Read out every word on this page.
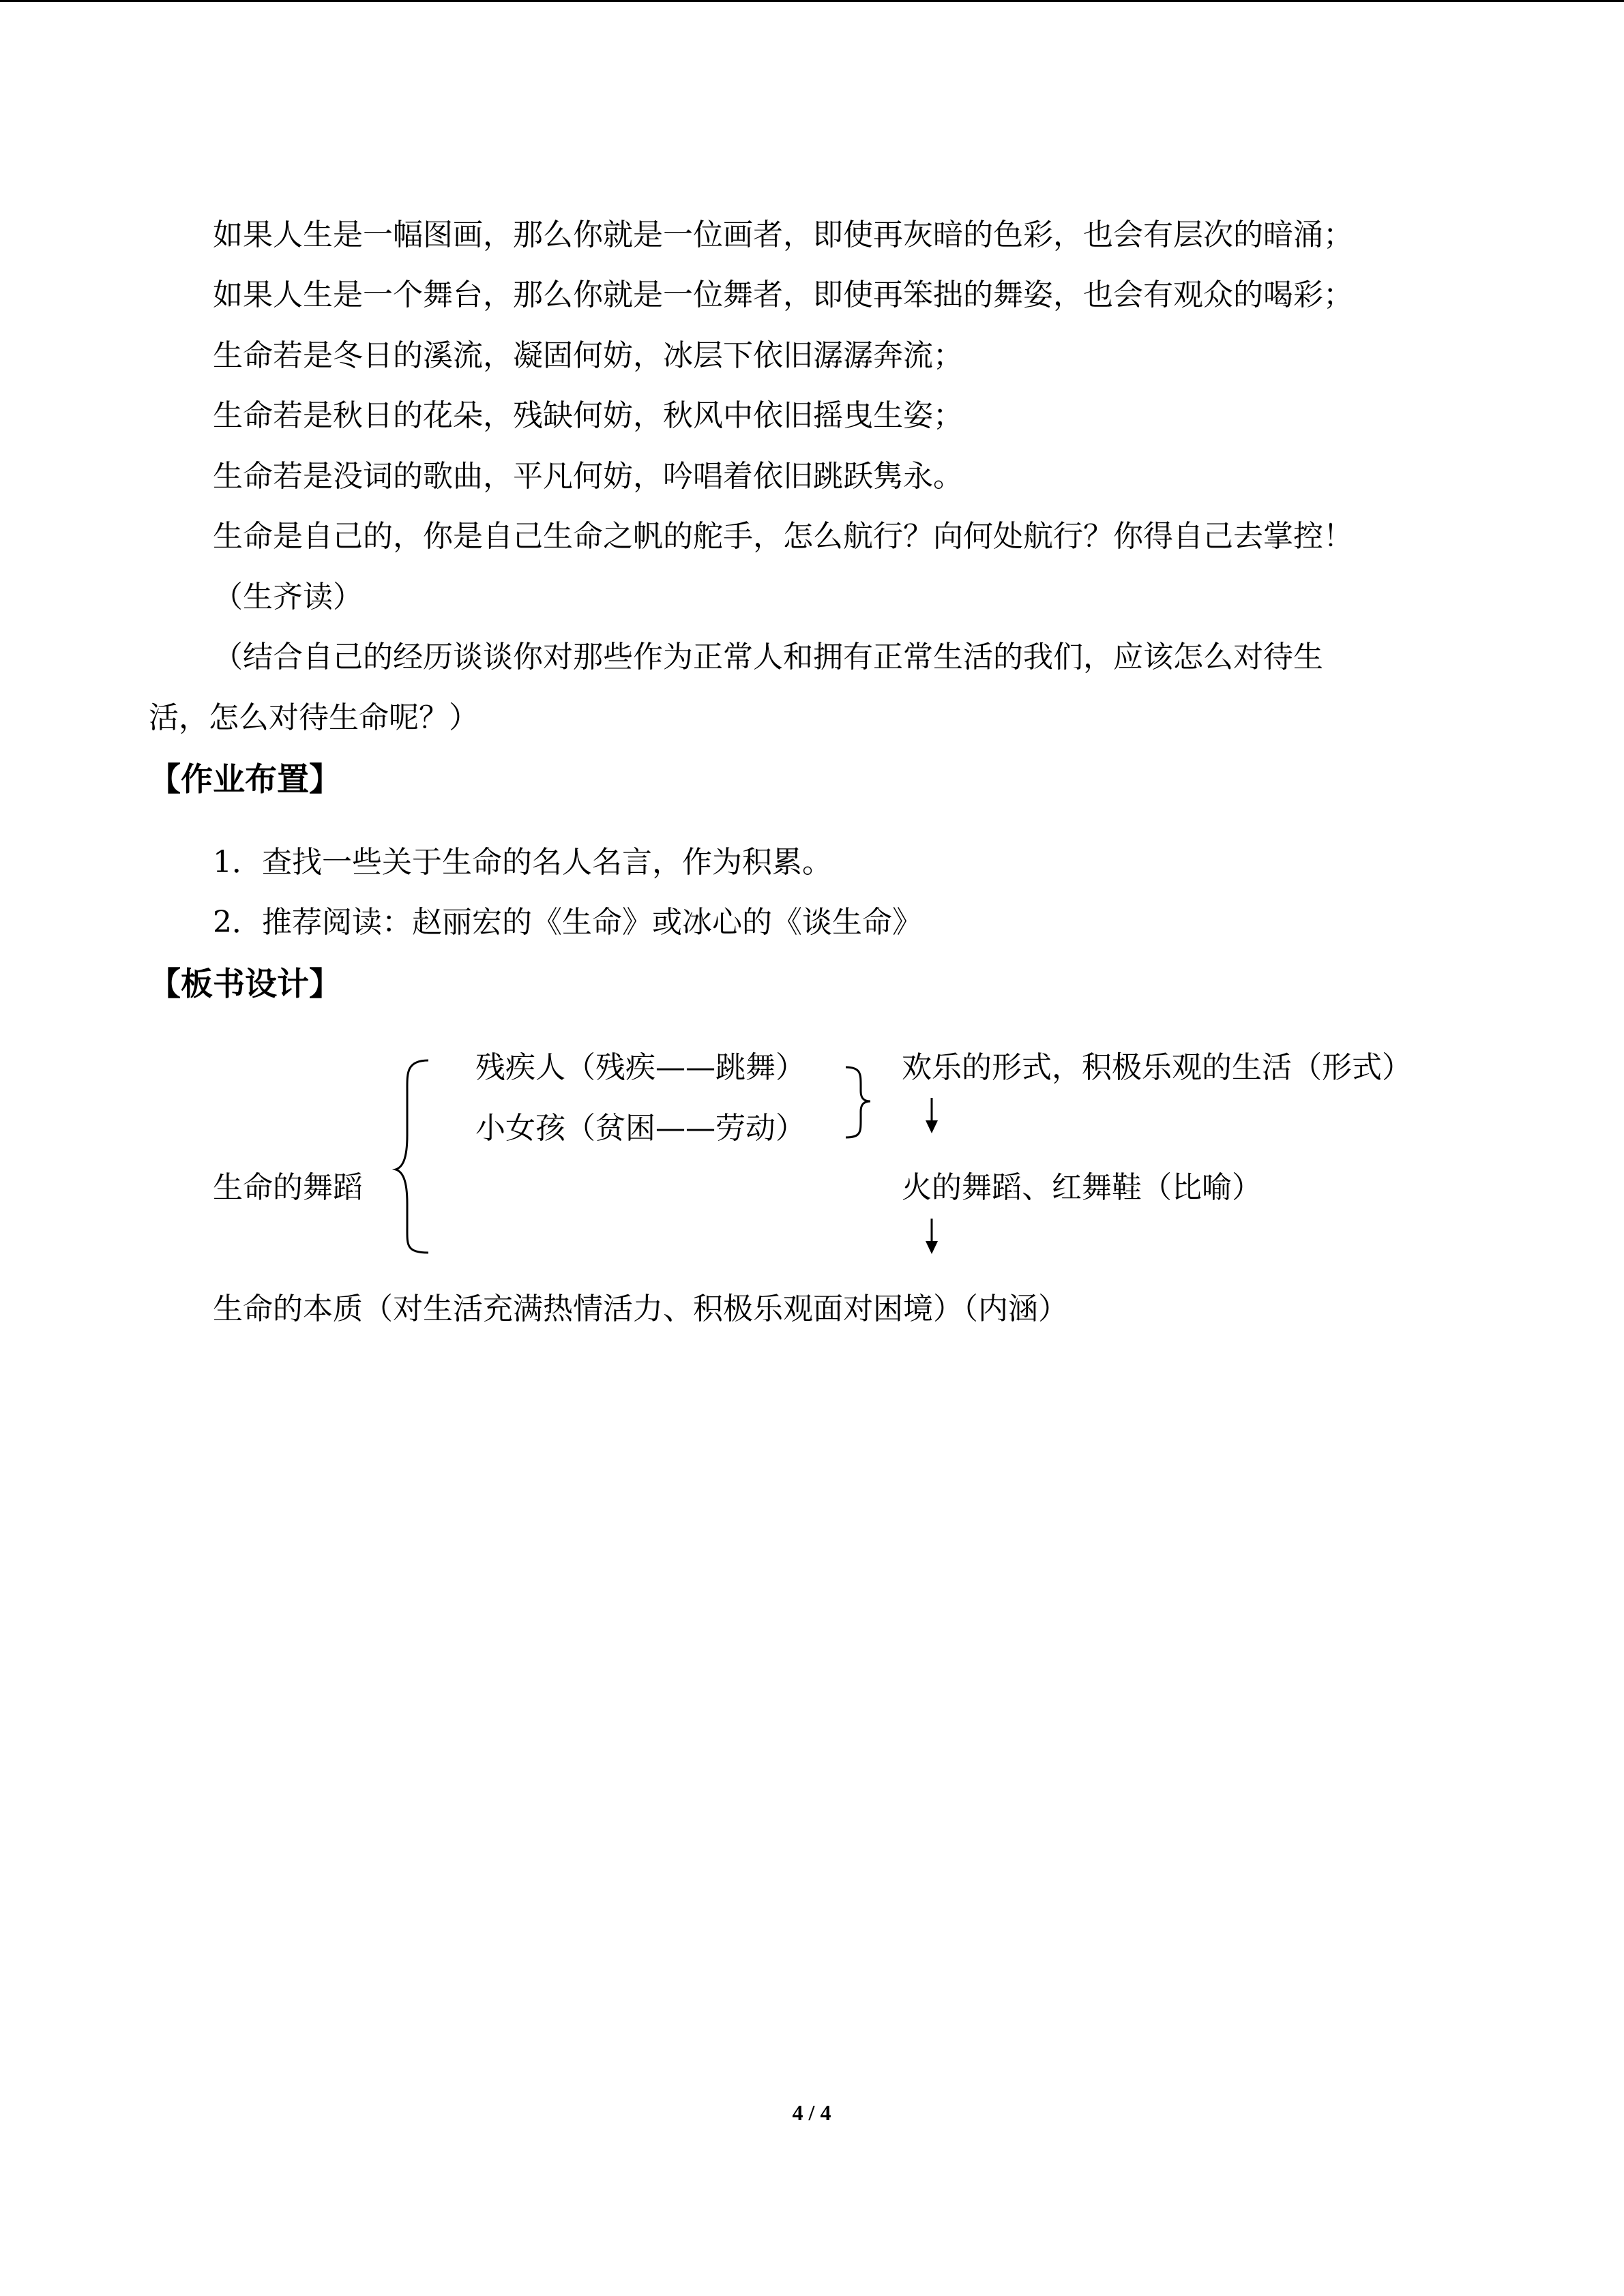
如果人生是一幅图画，那么你就是一位画者，即使再灰暗的色彩，也会有层次的暗涌；
如果人生是一个舞台，那么你就是一位舞者，即使再笨拙的舞姿，也会有观众的喝彩；
生命若是冬日的溪流，凝固何妨，冰层下依旧潺潺奔流；
生命若是秋日的花朵，残缺何妨，秋风中依旧摇曳生姿；
生命若是没词的歌曲，平凡何妨，吟唱着依旧跳跃隽永。
生命是自己的，你是自己生命之帆的舵手，怎么航行？向何处航行？你得自己去掌控！
（生齐读）
（结合自己的经历谈谈你对那些作为正常人和拥有正常生活的我们，应该怎么对待生
活，怎么对待生命呢？）
【作业布置】
1．查找一些关于生命的名人名言，作为积累。
2．推荐阅读：赵丽宏的《生命》或冰心的《谈生命》
【板书设计】
残疾人（残疾——跳舞）
小女孩（贫困——劳动）
欢乐的形式，积极乐观的生活（形式）
生命的舞蹈	火的舞蹈、红舞鞋（比喻）
生命的本质（对生活充满热情活力、积极乐观面对困境）（内涵）
4 / 4
